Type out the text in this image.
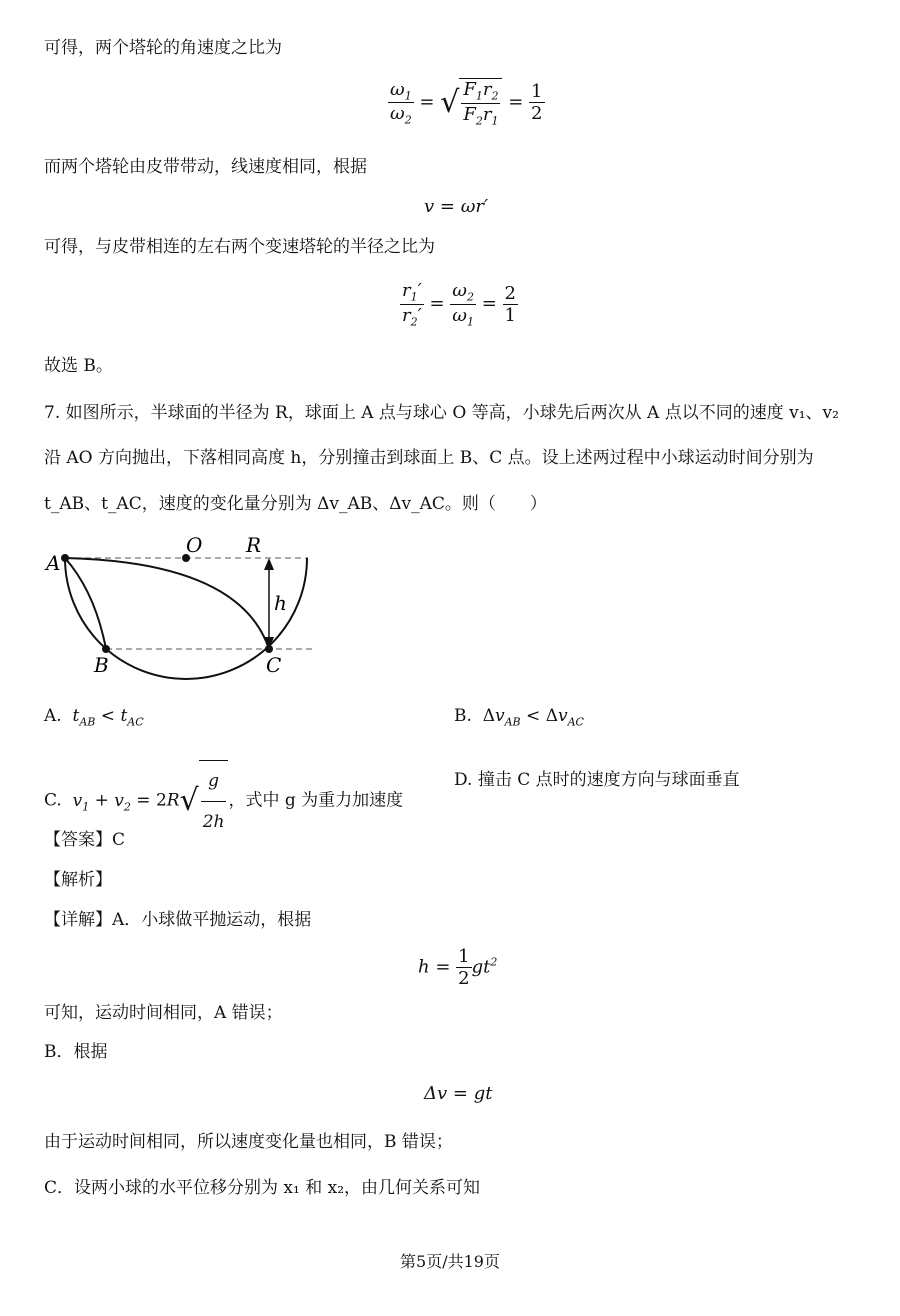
可得，两个塔轮的角速度之比为
$\frac{\omega_1}{\omega_2}$ = √ $\frac{F_1r_2}{F_2r_1} = \frac{1}{2}$
而两个塔轮由皮带带动，线速度相同，根据
v = ωr′
可得，与皮带相连的左右两个变速塔轮的半径之比为
$\frac{r_1'}{r_2'} = \frac{\omega_2}{\omega_1} = \frac{2}{1}$
故选 B。
7. 如图所示，半球面的半径为 R，球面上 A 点与球心 O 等高，小球先后两次从 A 点以不同的速度 v₁、v₂
沿 AO 方向抛出，下落相同高度 h，分别撞击到球面上 B、C 点。设上述两过程中小球运动时间分别为
t_AB、t_AC，速度的变化量分别为 Δv_AB、Δv_AC。则（　　）
A
O R
h
B	C
A. $t_{AB} < t_{AC}$	B.  $\Delta v_{AB} < \Delta v_{AC}$
C. $v_1 + v_2 = 2R√ \frac{g}{2h}$ ，式中 g 为重力加速度
D. 撞击 C 点时的速度方向与球面垂直
【答案】C
【解析】
【详解】A．小球做平抛运动，根据
$h = \frac{1}{2} gt^2$
可知，运动时间相同，A 错误；
B．根据
Δv = gt
由于运动时间相同，所以速度变化量也相同，B 错误；
C．设两小球的水平位移分别为 x₁ 和 x₂，由几何关系可知
第5页/共19页
